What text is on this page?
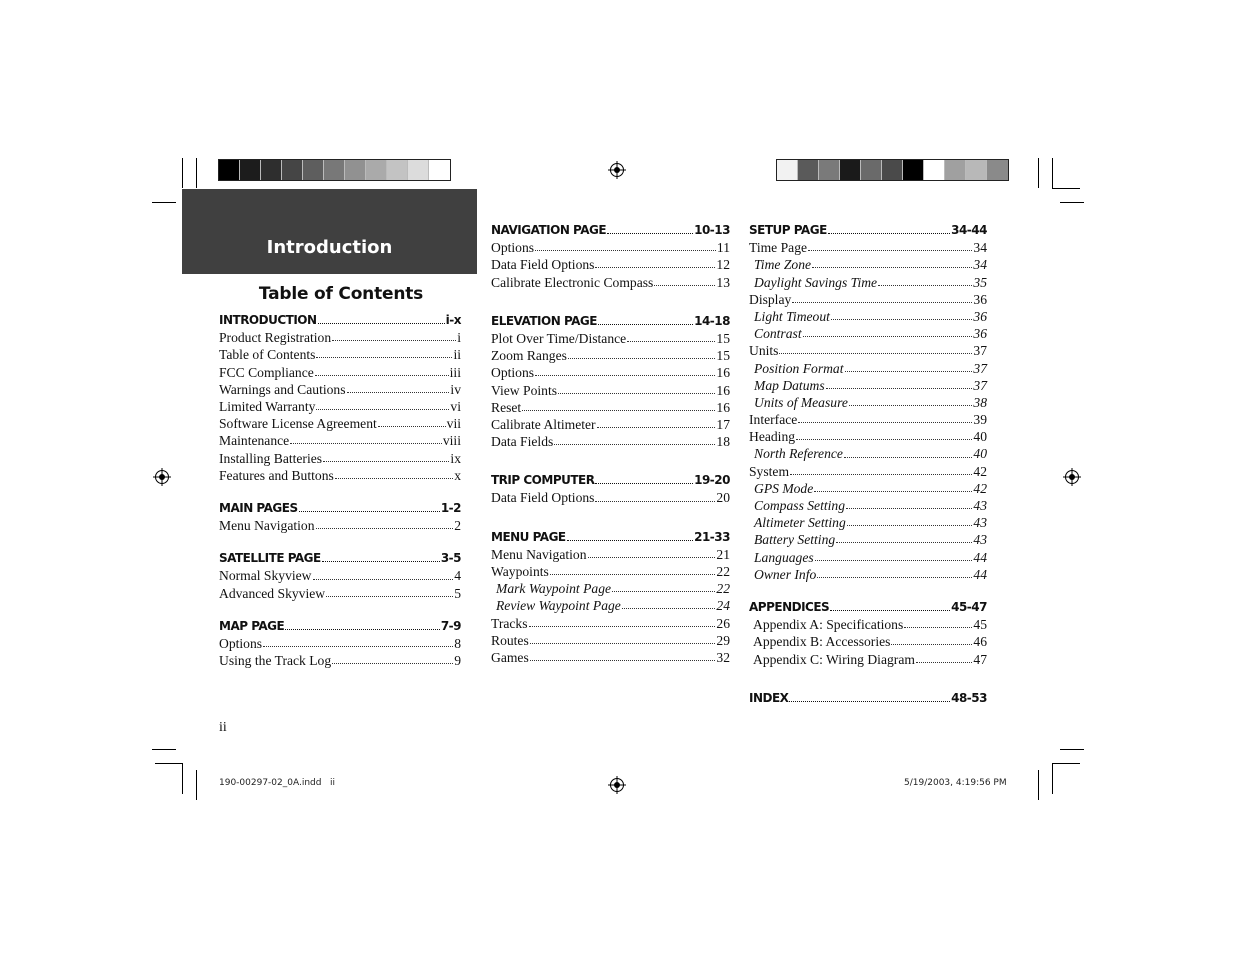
Introduction
Table of Contents
INTRODUCTION	i-x
Product Registration	i
Table of Contents	ii
FCC Compliance	iii
Warnings and Cautions	iv
Limited Warranty	vi
Software License Agreement	vii
Maintenance	viii
Installing Batteries	ix
Features and Buttons	x
MAIN PAGES	1-2
Menu Navigation	2
SATELLITE PAGE	3-5
Normal Skyview	4
Advanced Skyview	5
MAP PAGE	7-9
Options	8
Using the Track Log	9
NAVIGATION PAGE	10-13
Options	11
Data Field Options	12
Calibrate Electronic Compass	13
ELEVATION PAGE	14-18
Plot Over Time/Distance	15
Zoom Ranges	15
Options	16
View Points	16
Reset	16
Calibrate Altimeter	17
Data Fields	18
TRIP COMPUTER	19-20
Data Field Options	20
MENU PAGE	21-33
Menu Navigation	21
Waypoints	22
Mark Waypoint Page	22
Review Waypoint Page	24
Tracks	26
Routes	29
Games	32
SETUP PAGE	34-44
Time Page	34
Time Zone	34
Daylight Savings Time	35
Display	36
Light Timeout	36
Contrast	36
Units	37
Position Format	37
Map Datums	37
Units of Measure	38
Interface	39
Heading	40
North Reference	40
System	42
GPS Mode	42
Compass Setting	43
Altimeter Setting	43
Battery Setting	43
Languages	44
Owner Info	44
APPENDICES	45-47
Appendix A: Specifications	45
Appendix B: Accessories	46
Appendix C: Wiring Diagram	47
INDEX	48-53
ii
190-00297-02_0A.indd   ii	5/19/2003, 4:19:56 PM
